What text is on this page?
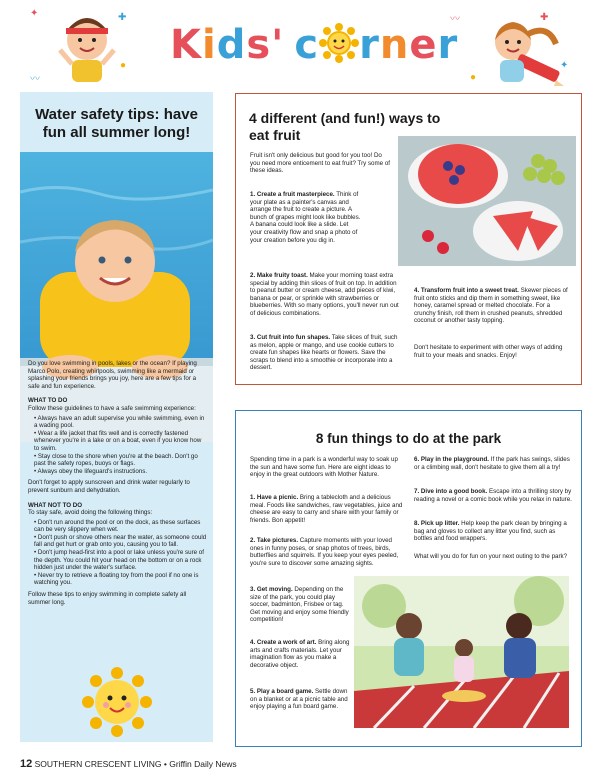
✦	✚
●
〰
✚
✦
〰
●
Kids' c rner
Water safety tips: have fun all summer long!
Do you love swimming in pools, lakes or the ocean? If playing Marco Polo, creating whirlpools, swimming like a mermaid or splashing your friends brings you joy, here are a few tips for a safe and fun experience.
WHAT TO DO
Follow these guidelines to have a safe swimming experience:
• Always have an adult supervise you while swimming, even in a wading pool.
• Wear a life jacket that fits well and is correctly fastened whenever you're in a lake or on a boat, even if you know how to swim.
• Stay close to the shore when you're at the beach. Don't go past the safety ropes, buoys or flags.
• Always obey the lifeguard's instructions.
Don't forget to apply sunscreen and drink water regularly to prevent sunburn and dehydration.
WHAT NOT TO DO
To stay safe, avoid doing the following things:
• Don't run around the pool or on the dock, as these surfaces can be very slippery when wet.
• Don't push or shove others near the water, as someone could fall and get hurt or grab onto you, causing you to fall.
• Don't jump head-first into a pool or lake unless you're sure of the depth. You could hit your head on the bottom or on a rock hidden just under the water's surface.
• Never try to retrieve a floating toy from the pool if no one is watching you.
Follow these tips to enjoy swimming in complete safety all summer long.
4 different (and fun!) ways to eat fruit
Fruit isn't only delicious but good for you too! Do you need more enticement to eat fruit? Try some of these ideas.
1. Create a fruit masterpiece. Think of your plate as a painter's canvas and arrange the fruit to create a picture. A bunch of grapes might look like bubbles. A banana could look like a slide. Let your creativity flow and snap a photo of your creation before you dig in.
2. Make fruity toast. Make your morning toast extra special by adding thin slices of fruit on top. In addition to peanut butter or cream cheese, add pieces of kiwi, banana or pear, or sprinkle with strawberries or blueberries. With so many options, you'll never run out of delicious combinations.
3. Cut fruit into fun shapes. Take slices of fruit, such as melon, apple or mango, and use cookie cutters to create fun shapes like hearts or flowers. Save the scraps to blend into a smoothie or incorporate into a dessert.
4. Transform fruit into a sweet treat. Skewer pieces of fruit onto sticks and dip them in something sweet, like honey, caramel spread or melted chocolate. For a crunchy finish, roll them in crushed peanuts, shredded coconut or another tasty topping.
Don't hesitate to experiment with other ways of adding fruit to your meals and snacks. Enjoy!
8 fun things to do at the park
Spending time in a park is a wonderful way to soak up the sun and have some fun. Here are eight ideas to enjoy in the great outdoors with Mother Nature.
1. Have a picnic. Bring a tablecloth and a delicious meal. Foods like sandwiches, raw vegetables, juice and cheese are easy to carry and share with your family or friends. Bon appetit!
2. Take pictures. Capture moments with your loved ones in funny poses, or snap photos of trees, birds, butterflies and squirrels. If you keep your eyes peeled, you're sure to discover some amazing sights.
3. Get moving. Depending on the size of the park, you could play soccer, badminton, Frisbee or tag. Get moving and enjoy some friendly competition!
4. Create a work of art. Bring along arts and crafts materials. Let your imagination flow as you make a decorative object.
5. Play a board game. Settle down on a blanket or at a picnic table and enjoy playing a fun board game.
6. Play in the playground. If the park has swings, slides or a climbing wall, don't hesitate to give them all a try!
7. Dive into a good book. Escape into a thrilling story by reading a novel or a comic book while you relax in nature.
8. Pick up litter. Help keep the park clean by bringing a bag and gloves to collect any litter you find, such as bottles and food wrappers.
What will you do for fun on your next outing to the park?
12 SOUTHERN CRESCENT LIVING • Griffin Daily News
